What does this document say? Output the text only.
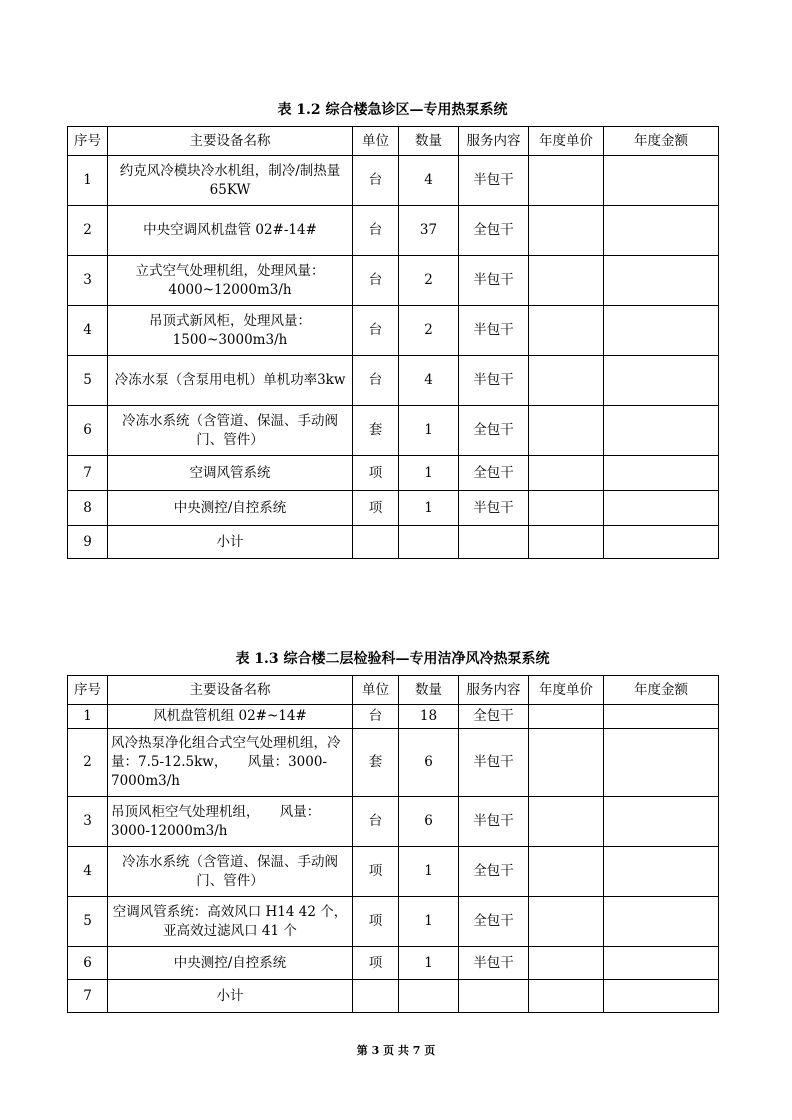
表 1.2 综合楼急诊区—专用热泵系统
序号	主要设备名称	单位	数量	服务内容	年度单价	年度金额
1	约克风冷模块冷水机组，制冷/制热量 65KW	台	4	半包干		
2	中央空调风机盘管 02#-14#	台	37	全包干		
3	立式空气处理机组，处理风量：4000~12000m3/h	台	2	半包干		
4	吊顶式新风柜，处理风量：1500~3000m3/h	台	2	半包干		
5	冷冻水泵（含泵用电机）单机功率3kw	台	4	半包干		
6	冷冻水系统（含管道、保温、手动阀门、管件）	套	1	全包干		
7	空调风管系统	项	1	全包干		
8	中央测控/自控系统	项	1	半包干		
9	小计					
表 1.3 综合楼二层检验科—专用洁净风冷热泵系统
序号	主要设备名称	单位	数量	服务内容	年度单价	年度金额
1	风机盘管机组 02#~14#	台	18	全包干		
2	风冷热泵净化组合式空气处理机组，冷量：7.5-12.5kw，　　风量：3000-7000m3/h	套	6	半包干		
3	吊顶风柜空气处理机组，　　风量：3000-12000m3/h	台	6	半包干		
4	冷冻水系统（含管道、保温、手动阀门、管件）	项	1	全包干		
5	空调风管系统：高效风口 H14 42 个，亚高效过滤风口 41 个	项	1	全包干		
6	中央测控/自控系统	项	1	半包干		
7	小计					
第 3 页 共 7 页
